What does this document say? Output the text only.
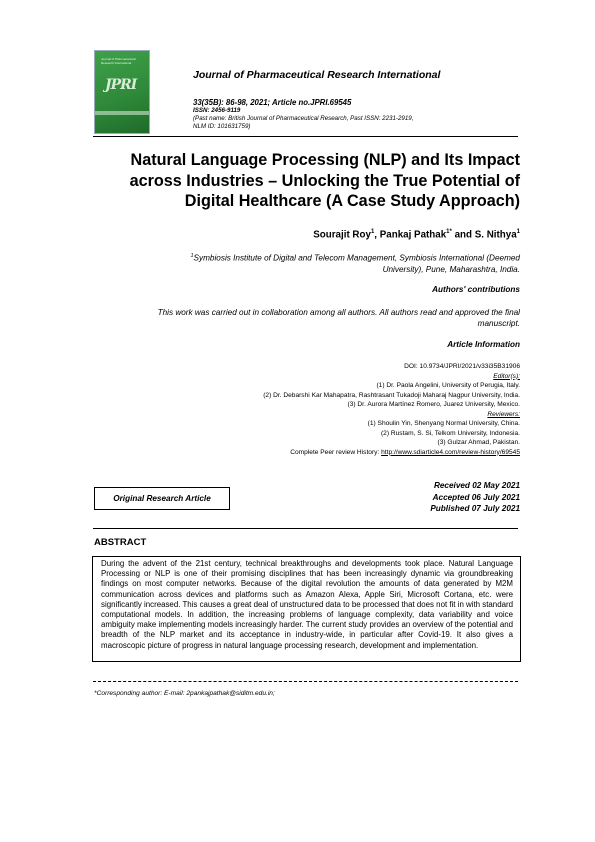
Journal of Pharmaceutical Research International
JPRI
Journal of Pharmaceutical Research International
33(35B): 86-98, 2021; Article no.JPRI.69545
ISSN: 2456-9119
(Past name: British Journal of Pharmaceutical Research, Past ISSN: 2231-2919,
NLM ID: 101631759)
Natural Language Processing (NLP) and Its Impact
across Industries – Unlocking the True Potential of
Digital Healthcare (A Case Study Approach)
Sourajit Roy$^1$, Pankaj Pathak$^{1*}$ and S. Nithya$^1$
$^1$Symbiosis Institute of Digital and Telecom Management, Symbiosis International (Deemed
University), Pune, Maharashtra, India.
Authors' contributions
This work was carried out in collaboration among all authors. All authors read and approved the final
manuscript.
Article Information
DOI: 10.9734/JPRI/2021/v33i35B31906
Editor(s):
(1) Dr. Paola Angelini, University of Perugia, Italy.
(2) Dr. Debarshi Kar Mahapatra, Rashtrasant Tukadoji Maharaj Nagpur University, India.
(3) Dr. Aurora Martínez Romero, Juarez University, Mexico.
Reviewers:
(1) Shoulin Yin, Shenyang Normal University, China.
(2) Rustam, S. Si, Telkom University, Indonesia.
(3) Gulzar Ahmad, Pakistan.
Complete Peer review History: http://www.sdiarticle4.com/review-history/69545
Original Research Article
Received 02 May 2021
Accepted 06 July 2021
Published 07 July 2021
ABSTRACT
During the advent of the 21st century, technical breakthroughs and developments took place. Natural Language Processing or NLP is one of their promising disciplines that has been increasingly dynamic via groundbreaking findings on most computer networks. Because of the digital revolution the amounts of data generated by M2M communication across devices and platforms such as Amazon Alexa, Apple Siri, Microsoft Cortana, etc. were significantly increased. This causes a great deal of unstructured data to be processed that does not fit in with standard computational models. In addition, the increasing problems of language complexity, data variability and voice ambiguity make implementing models increasingly harder. The current study provides an overview of the potential and breadth of the NLP market and its acceptance in industry-wide, in particular after Covid-19. It also gives a macroscopic picture of progress in natural language processing research, development and implementation.
*Corresponding author: E-mail: 2pankajpathak@siditm.edu.in;
